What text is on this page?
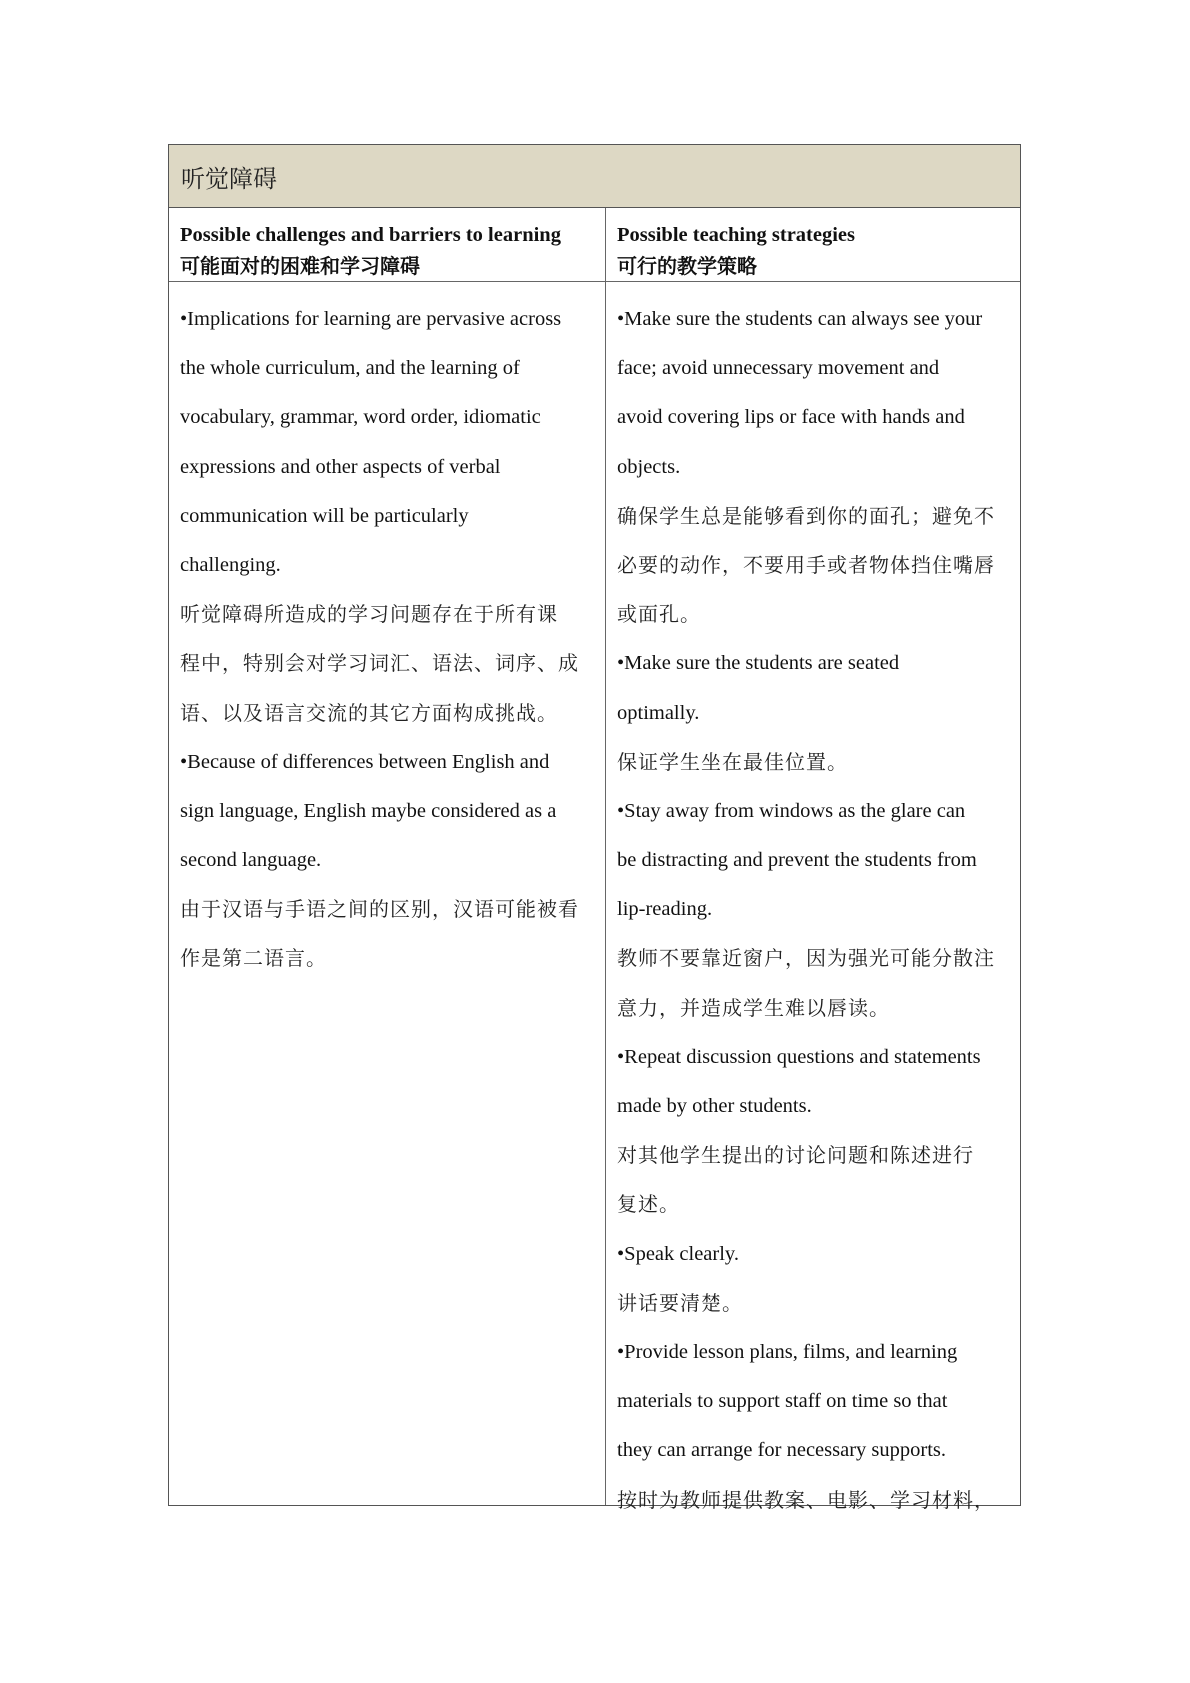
听觉障碍
Possible challenges and barriers to learning
可能面对的困难和学习障碍
Possible teaching strategies
可行的教学策略
•Implications for learning are pervasive across
the whole curriculum, and the learning of
vocabulary, grammar, word order, idiomatic
expressions and other aspects of verbal
communication will be particularly
challenging.
听觉障碍所造成的学习问题存在于所有课
程中，特别会对学习词汇、语法、词序、成
语、以及语言交流的其它方面构成挑战。
•Because of differences between English and
sign language, English maybe considered as a
second language.
由于汉语与手语之间的区别，汉语可能被看
作是第二语言。
•Make sure the students can always see your
face; avoid unnecessary movement and
avoid covering lips or face with hands and
objects.
确保学生总是能够看到你的面孔；避免不
必要的动作，不要用手或者物体挡住嘴唇
或面孔。
•Make sure the students are seated
optimally.
保证学生坐在最佳位置。
•Stay away from windows as the glare can
be distracting and prevent the students from
lip-reading.
教师不要靠近窗户，因为强光可能分散注
意力，并造成学生难以唇读。
•Repeat discussion questions and statements
made by other students.
对其他学生提出的讨论问题和陈述进行
复述。
•Speak clearly.
讲话要清楚。
•Provide lesson plans, films, and learning
materials to support staff on time so that
they can arrange for necessary supports.
按时为教师提供教案、电影、学习材料，
